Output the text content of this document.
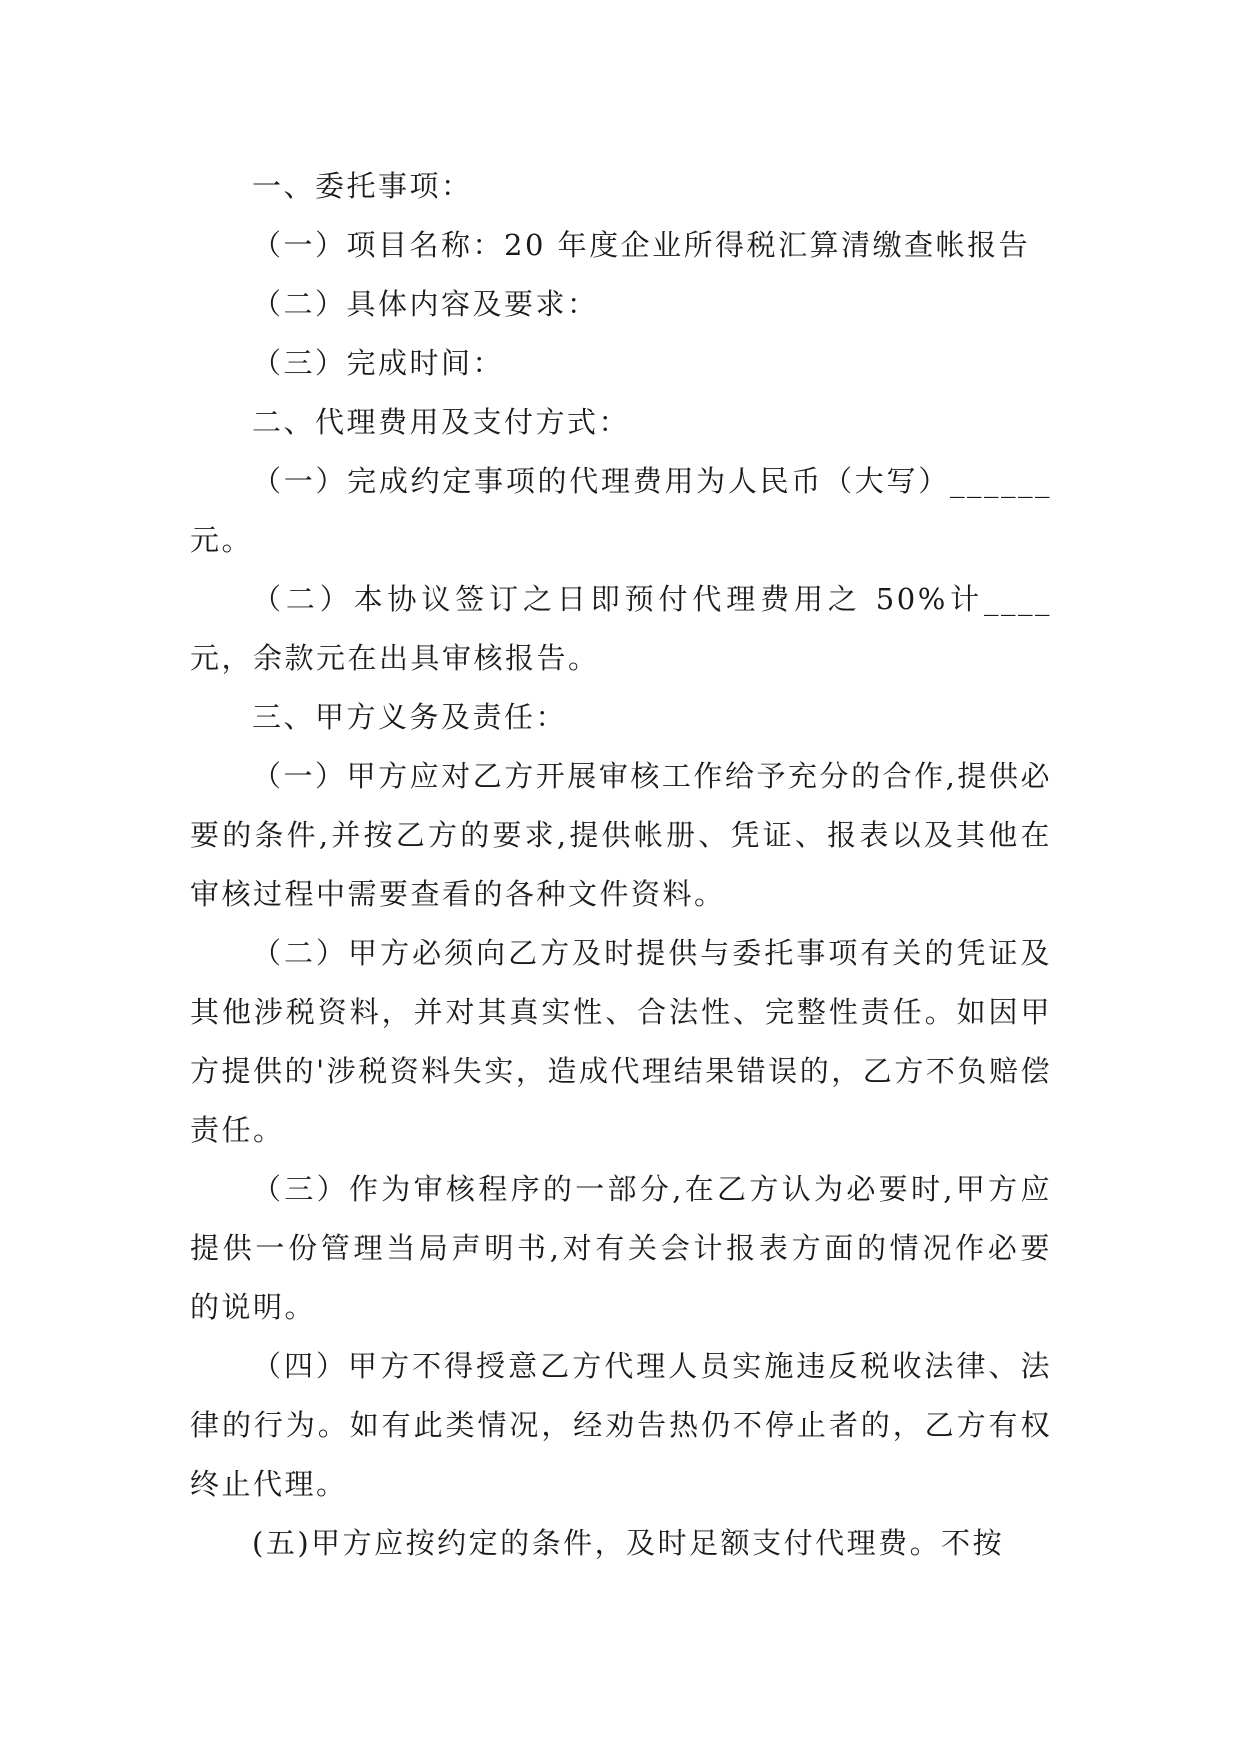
一、委托事项：

（一）项目名称：20 年度企业所得税汇算清缴查帐报告

（二）具体内容及要求：

（三）完成时间：

二、代理费用及支付方式：

（一）完成约定事项的代理费用为人民币（大写）______元。

（二）本协议签订之日即预付代理费用之 50%计____元，余款元在出具审核报告。

三、甲方义务及责任：

（一）甲方应对乙方开展审核工作给予充分的合作,提供必要的条件,并按乙方的要求,提供帐册、凭证、报表以及其他在审核过程中需要查看的各种文件资料。

（二）甲方必须向乙方及时提供与委托事项有关的凭证及其他涉税资料，并对其真实性、合法性、完整性责任。如因甲方提供的'涉税资料失实，造成代理结果错误的，乙方不负赔偿责任。

（三）作为审核程序的一部分,在乙方认为必要时,甲方应提供一份管理当局声明书,对有关会计报表方面的情况作必要的说明。

（四）甲方不得授意乙方代理人员实施违反税收法律、法律的行为。如有此类情况，经劝告热仍不停止者的，乙方有权终止代理。

(五)甲方应按约定的条件，及时足额支付代理费。不按
